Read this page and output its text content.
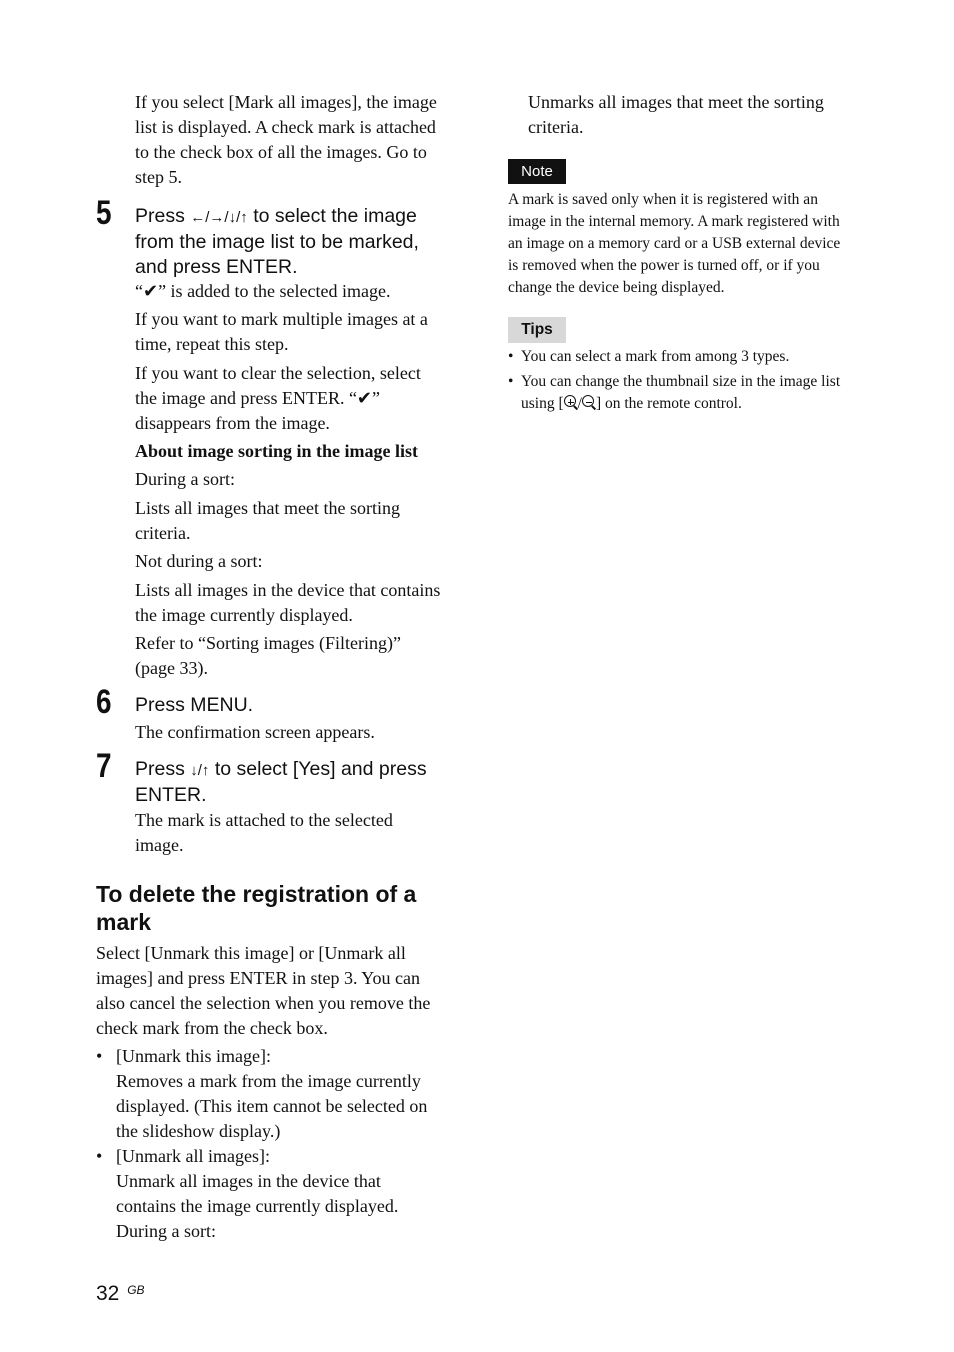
If you select [Mark all images], the image

list is displayed. A check mark is attached

to the check box of all the images. Go to

step 5.

5 Press ←/→/↓/↑ to select the image

from the image list to be marked,

and press ENTER.

“✔” is added to the selected image.

If you want to mark multiple images at a

time, repeat this step.

If you want to clear the selection, select

the image and press ENTER. “✔”

disappears from the image.

About image sorting in the image list

During a sort:

Lists all images that meet the sorting

criteria.

Not during a sort:

Lists all images in the device that contains

the image currently displayed.

Refer to “Sorting images (Filtering)”

(page 33).

6 Press MENU.
The confirmation screen appears.
7 Press ↓/↑ to select [Yes] and press

ENTER.

The mark is attached to the selected

image.

To delete the registration of a

mark

Select [Unmark this image] or [Unmark all

images] and press ENTER in step 3. You can

also cancel the selection when you remove the

check mark from the check box.

• [Unmark this image]:

Removes a mark from the image currently

displayed. (This item cannot be selected on

the slideshow display.)

• [Unmark all images]:

Unmark all images in the device that

contains the image currently displayed.

During a sort:

32 $^{GB}$

Unmarks all images that meet the sorting

criteria.

Note

A mark is saved only when it is registered with an

image in the internal memory. A mark registered with

an image on a memory card or a USB external device

is removed when the power is turned off, or if you

change the device being displayed.

Tips
• You can select a mark from among 3 types.

• You can change the thumbnail size in the image list

using [ / ] on the remote control.
